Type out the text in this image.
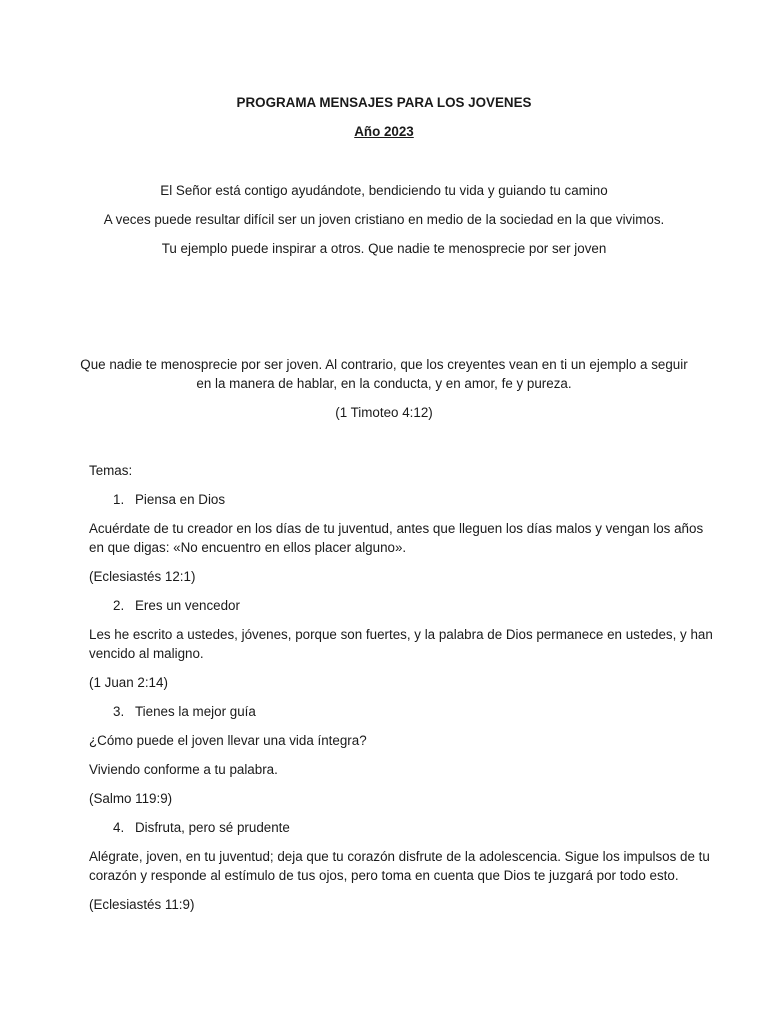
PROGRAMA MENSAJES PARA LOS JOVENES
Año 2023
El Señor está contigo ayudándote, bendiciendo tu vida y guiando tu camino
A veces puede resultar difícil ser un joven cristiano en medio de la sociedad en la que vivimos.
Tu ejemplo puede inspirar a otros. Que nadie te menosprecie por ser joven
Que nadie te menosprecie por ser joven. Al contrario, que los creyentes vean en ti un ejemplo a seguir
en la manera de hablar, en la conducta, y en amor, fe y pureza.
(1 Timoteo 4:12)
Temas:
1. Piensa en Dios
Acuérdate de tu creador en los días de tu juventud, antes que lleguen los días malos y vengan los años
en que digas: «No encuentro en ellos placer alguno».
(Eclesiastés 12:1)
2. Eres un vencedor
Les he escrito a ustedes, jóvenes, porque son fuertes, y la palabra de Dios permanece en ustedes, y han
vencido al maligno.
(1 Juan 2:14)
3. Tienes la mejor guía
¿Cómo puede el joven llevar una vida íntegra?
Viviendo conforme a tu palabra.
(Salmo 119:9)
4. Disfruta, pero sé prudente
Alégrate, joven, en tu juventud; deja que tu corazón disfrute de la adolescencia. Sigue los impulsos de tu
corazón y responde al estímulo de tus ojos, pero toma en cuenta que Dios te juzgará por todo esto.
(Eclesiastés 11:9)
